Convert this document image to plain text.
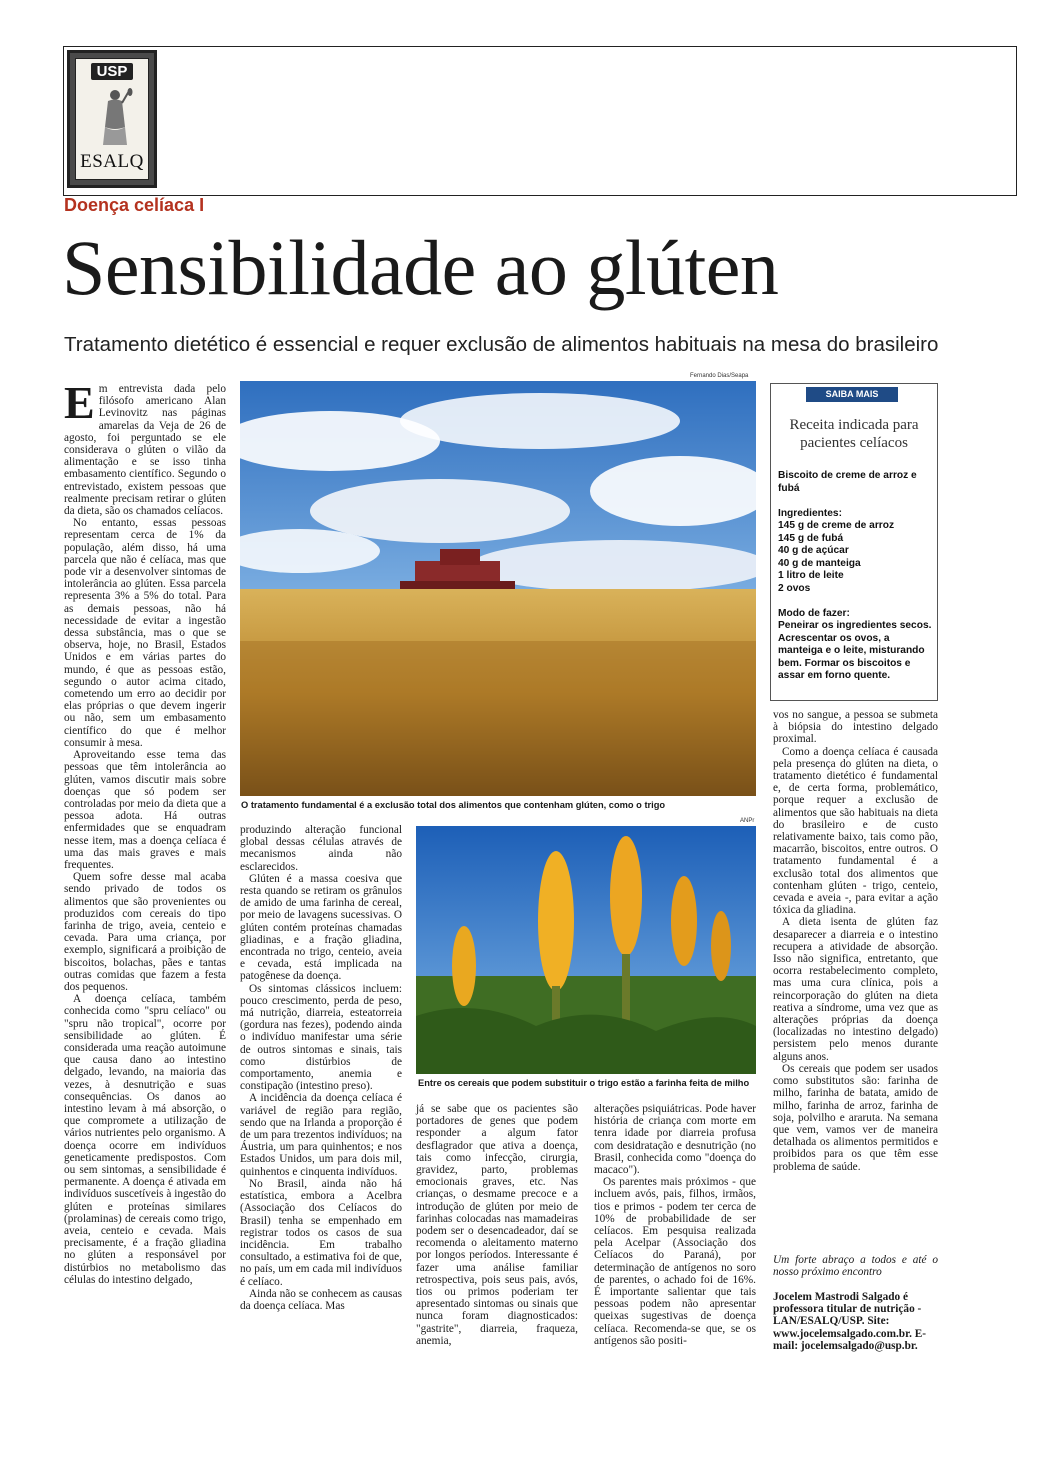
USP
ESALQ
Doença celíaca I
Sensibilidade ao glúten
Tratamento dietético é essencial e requer exclusão de alimentos habituais na mesa do brasileiro
Fernando Dias/Seapa
O tratamento fundamental é a exclusão total dos alimentos que contenham glúten, como o trigo
ANPr
Entre os cereais que podem substituir o trigo estão a farinha feita de milho

Em entrevista dada pelo filósofo americano Alan Levinovitz nas páginas amarelas da Veja de 26 de agosto, foi perguntado se ele considerava o glúten o vilão da alimentação e se isso tinha embasamento científico. Segundo o entrevistado, existem pessoas que realmente precisam retirar o glúten da dieta, são os chamados celíacos.

No entanto, essas pessoas representam cerca de 1% da população, além disso, há uma parcela que não é celíaca, mas que pode vir a desenvolver sintomas de intolerância ao glúten. Essa parcela representa 3% a 5% do total. Para as demais pessoas, não há necessidade de evitar a ingestão dessa substância, mas o que se observa, hoje, no Brasil, Estados Unidos e em várias partes do mundo, é que as pessoas estão, segundo o autor acima citado, cometendo um erro ao decidir por elas próprias o que devem ingerir ou não, sem um embasamento científico do que é melhor consumir à mesa.

Aproveitando esse tema das pessoas que têm intolerância ao glúten, vamos discutir mais sobre doenças que só podem ser controladas por meio da dieta que a pessoa adota. Há outras enfermidades que se enquadram nesse item, mas a doença celíaca é uma das mais graves e mais frequentes.

Quem sofre desse mal acaba sendo privado de todos os alimentos que são provenientes ou produzidos com cereais do tipo farinha de trigo, aveia, centeio e cevada. Para uma criança, por exemplo, significará a proibição de biscoitos, bolachas, pães e tantas outras comidas que fazem a festa dos pequenos.

A doença celíaca, também conhecida como "spru celíaco" ou "spru não tropical", ocorre por sensibilidade ao glúten. É considerada uma reação autoimune que causa dano ao intestino delgado, levando, na maioria das vezes, à desnutrição e suas consequências. Os danos ao intestino levam à má absorção, o que compromete a utilização de vários nutrientes pelo organismo. A doença ocorre em indivíduos geneticamente predispostos. Com ou sem sintomas, a sensibilidade é permanente. A doença é ativada em indivíduos suscetíveis à ingestão do glúten e proteínas similares (prolaminas) de cereais como trigo, aveia, centeio e cevada. Mais precisamente, é a fração gliadina no glúten a responsável por distúrbios no metabolismo das células do intestino delgado,

produzindo alteração funcional global dessas células através de mecanismos ainda não esclarecidos.

Glúten é a massa coesiva que resta quando se retiram os grânulos de amido de uma farinha de cereal, por meio de lavagens sucessivas. O glúten contém proteínas chamadas gliadinas, e a fração gliadina, encontrada no trigo, centeio, aveia e cevada, está implicada na patogênese da doença.

Os sintomas clássicos incluem: pouco crescimento, perda de peso, má nutrição, diarreia, esteatorreia (gordura nas fezes), podendo ainda o indivíduo manifestar uma série de outros sintomas e sinais, tais como distúrbios de comportamento, anemia e constipação (intestino preso).

A incidência da doença celíaca é variável de região para região, sendo que na Irlanda a proporção é de um para trezentos indivíduos; na Áustria, um para quinhentos; e nos Estados Unidos, um para dois mil, quinhentos e cinquenta indivíduos.

No Brasil, ainda não há estatística, embora a Acelbra (Associação dos Celíacos do Brasil) tenha se empenhado em registrar todos os casos de sua incidência. Em trabalho consultado, a estimativa foi de que, no país, um em cada mil indivíduos é celíaco.

Ainda não se conhecem as causas da doença celíaca. Mas

já se sabe que os pacientes são portadores de genes que podem responder a algum fator desflagrador que ativa a doença, tais como infecção, cirurgia, gravidez, parto, problemas emocionais graves, etc. Nas crianças, o desmame precoce e a introdução de glúten por meio de farinhas colocadas nas mamadeiras podem ser o desencadeador, daí se recomenda o aleitamento materno por longos períodos. Interessante é fazer uma análise familiar retrospectiva, pois seus pais, avós, tios ou primos poderiam ter apresentado sintomas ou sinais que nunca foram diagnosticados: "gastrite", diarreia, fraqueza, anemia,

alterações psiquiátricas. Pode haver história de criança com morte em tenra idade por diarreia profusa com desidratação e desnutrição (no Brasil, conhecida como "doença do macaco").

Os parentes mais próximos - que incluem avós, pais, filhos, irmãos, tios e primos - podem ter cerca de 10% de probabilidade de ser celíacos. Em pesquisa realizada pela Acelpar (Associação dos Celíacos do Paraná), por determinação de antígenos no soro de parentes, o achado foi de 16%. É importante salientar que tais pessoas podem não apresentar queixas sugestivas de doença celíaca. Recomenda-se que, se os antígenos são positi-

vos no sangue, a pessoa se submeta à biópsia do intestino delgado proximal.

Como a doença celíaca é causada pela presença do glúten na dieta, o tratamento dietético é fundamental e, de certa forma, problemático, porque requer a exclusão de alimentos que são habituais na dieta do brasileiro e de custo relativamente baixo, tais como pão, macarrão, biscoitos, entre outros. O tratamento fundamental é a exclusão total dos alimentos que contenham glúten - trigo, centeio, cevada e aveia -, para evitar a ação tóxica da gliadina.

A dieta isenta de glúten faz desaparecer a diarreia e o intestino recupera a atividade de absorção. Isso não significa, entretanto, que ocorra restabelecimento completo, mas uma cura clínica, pois a reincorporação do glúten na dieta reativa a síndrome, uma vez que as alterações próprias da doença (localizadas no intestino delgado) persistem pelo menos durante alguns anos.

Os cereais que podem ser usados como substitutos são: farinha de milho, farinha de batata, amido de milho, farinha de arroz, farinha de soja, polvilho e araruta. Na semana que vem, vamos ver de maneira detalhada os alimentos permitidos e proibidos para os que têm esse problema de saúde.

Um forte abraço a todos e até o nosso próximo encontro
Jocelem Mastrodi Salgado é professora titular de nutrição - LAN/ESALQ/USP. Site: www.jocelemsalgado.com.br. E-mail: jocelemsalgado@usp.br.
SAIBA MAIS
Receita indicada para pacientes celíacos
Biscoito de creme de arroz e fubá
Ingredientes:
145 g de creme de arroz
145 g de fubá
40 g de açúcar
40 g de manteiga
1 litro de leite
2 ovos
Modo de fazer:
Peneirar os ingredientes secos. Acrescentar os ovos, a manteiga e o leite, misturando bem. Formar os biscoitos e assar em forno quente.
